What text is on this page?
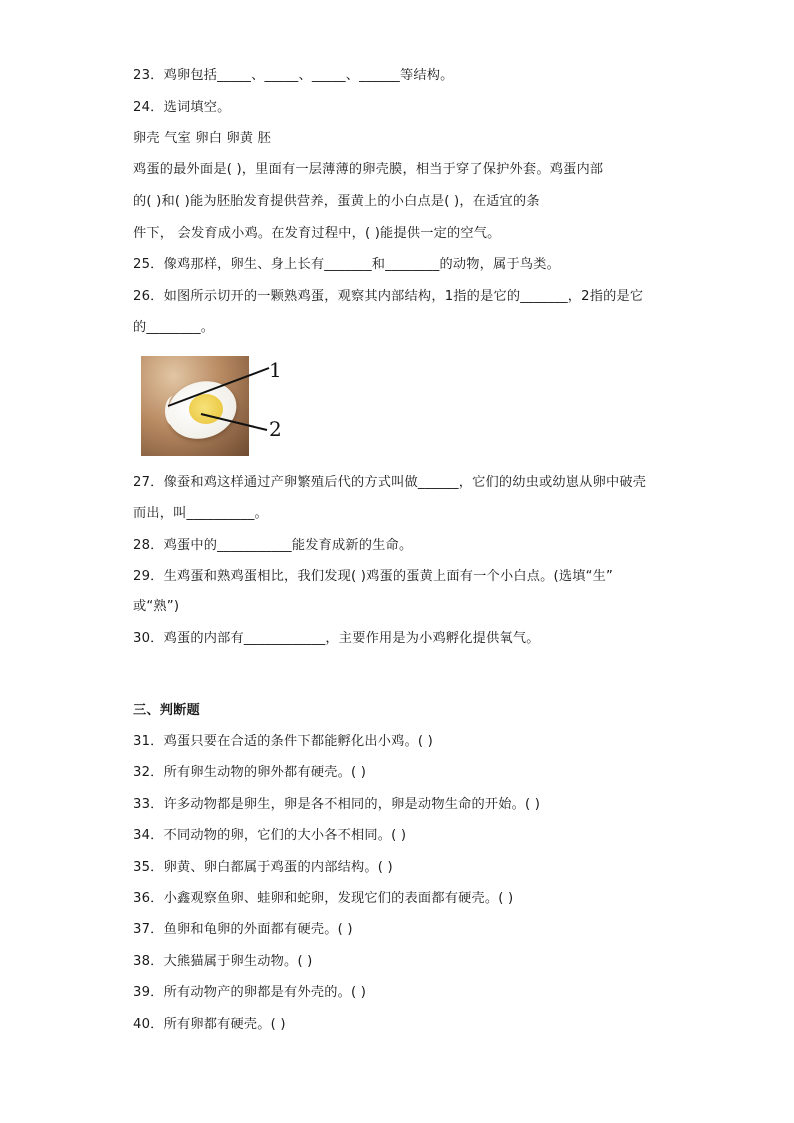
23．鸡卵包括_____、_____、_____、______等结构。
24．选词填空。
卵壳 气室 卵白 卵黄 胚
鸡蛋的最外面是( )，里面有一层薄薄的卵壳膜，相当于穿了保护外套。鸡蛋内部
的( )和( )能为胚胎发育提供营养，蛋黄上的小白点是( )，在适宜的条
件下， 会发育成小鸡。在发育过程中，( )能提供一定的空气。
25．像鸡那样，卵生、身上长有_______和________的动物，属于鸟类。
26．如图所示切开的一颗熟鸡蛋，观察其内部结构，1指的是它的_______，2指的是它
的________。
1
2
27．像蚕和鸡这样通过产卵繁殖后代的方式叫做______，它们的幼虫或幼崽从卵中破壳
而出，叫__________。
28．鸡蛋中的___________能发育成新的生命。
29．生鸡蛋和熟鸡蛋相比，我们发现( )鸡蛋的蛋黄上面有一个小白点。(选填“生”
或“熟”)
30．鸡蛋的内部有____________，主要作用是为小鸡孵化提供氧气。
三、判断题
31．鸡蛋只要在合适的条件下都能孵化出小鸡。( )
32．所有卵生动物的卵外都有硬壳。( )
33．许多动物都是卵生，卵是各不相同的，卵是动物生命的开始。( )
34．不同动物的卵，它们的大小各不相同。( )
35．卵黄、卵白都属于鸡蛋的内部结构。( )
36．小鑫观察鱼卵、蛙卵和蛇卵，发现它们的表面都有硬壳。( )
37．鱼卵和龟卵的外面都有硬壳。( )
38．大熊猫属于卵生动物。( )
39．所有动物产的卵都是有外壳的。( )
40．所有卵都有硬壳。( )
